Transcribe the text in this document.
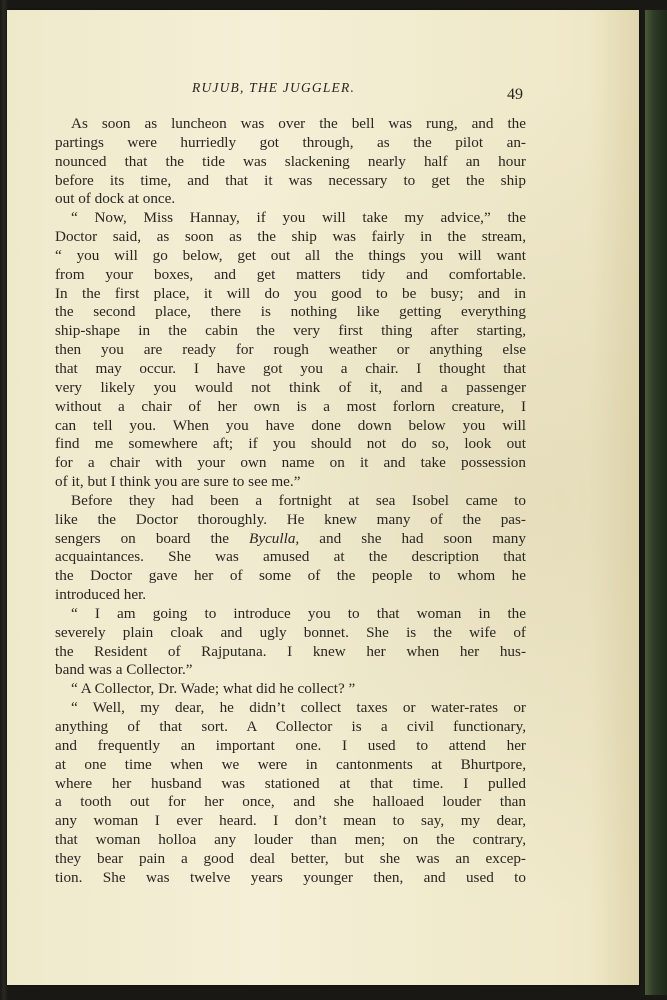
RUJUB, THE JUGGLER.	49
As soon as luncheon was over the bell was rung, and the
partings were hurriedly got through, as the pilot an-
nounced that the tide was slackening nearly half an hour
before its time, and that it was necessary to get the ship
out of dock at once.
“ Now, Miss Hannay, if you will take my advice,” the
Doctor said, as soon as the ship was fairly in the stream,
“ you will go below, get out all the things you will want
from your boxes, and get matters tidy and comfortable.
In the first place, it will do you good to be busy; and in
the second place, there is nothing like getting everything
ship-shape in the cabin the very first thing after starting,
then you are ready for rough weather or anything else
that may occur. I have got you a chair. I thought that
very likely you would not think of it, and a passenger
without a chair of her own is a most forlorn creature, I
can tell you. When you have done down below you will
find me somewhere aft; if you should not do so, look out
for a chair with your own name on it and take possession
of it, but I think you are sure to see me.”
Before they had been a fortnight at sea Isobel came to
like the Doctor thoroughly. He knew many of the pas-
sengers on board the Byculla, and she had soon many
acquaintances. She was amused at the description that
the Doctor gave her of some of the people to whom he
introduced her.
“ I am going to introduce you to that woman in the
severely plain cloak and ugly bonnet. She is the wife of
the Resident of Rajputana. I knew her when her hus-
band was a Collector.”
“ A Collector, Dr. Wade; what did he collect? ”
“ Well, my dear, he didn’t collect taxes or water-rates or
anything of that sort. A Collector is a civil functionary,
and frequently an important one. I used to attend her
at one time when we were in cantonments at Bhurtpore,
where her husband was stationed at that time. I pulled
a tooth out for her once, and she halloaed louder than
any woman I ever heard. I don’t mean to say, my dear,
that woman holloa any louder than men; on the contrary,
they bear pain a good deal better, but she was an excep-
tion. She was twelve years younger then, and used to
